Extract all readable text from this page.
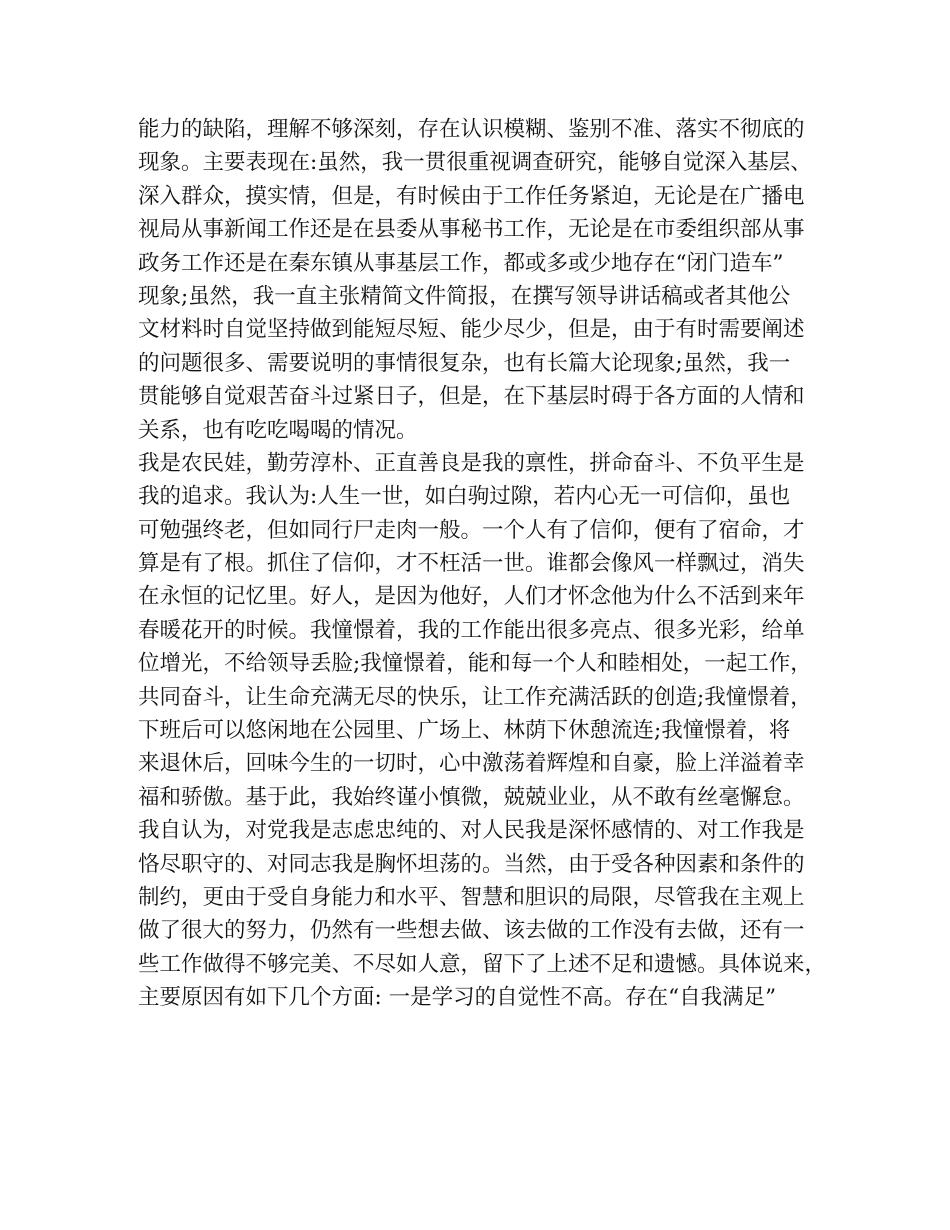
能力的缺陷，理解不够深刻，存在认识模糊、鉴别不准、落实不彻底的
现象。主要表现在:虽然，我一贯很重视调查研究，能够自觉深入基层、
深入群众，摸实情，但是，有时候由于工作任务紧迫，无论是在广播电
视局从事新闻工作还是在县委从事秘书工作，无论是在市委组织部从事
政务工作还是在秦东镇从事基层工作，都或多或少地存在“闭门造车”
现象;虽然，我一直主张精简文件简报，在撰写领导讲话稿或者其他公
文材料时自觉坚持做到能短尽短、能少尽少，但是，由于有时需要阐述
的问题很多、需要说明的事情很复杂，也有长篇大论现象;虽然，我一
贯能够自觉艰苦奋斗过紧日子，但是，在下基层时碍于各方面的人情和
关系，也有吃吃喝喝的情况。
我是农民娃，勤劳淳朴、正直善良是我的禀性，拼命奋斗、不负平生是
我的追求。我认为:人生一世，如白驹过隙，若内心无一可信仰，虽也
可勉强终老，但如同行尸走肉一般。一个人有了信仰，便有了宿命，才
算是有了根。抓住了信仰，才不枉活一世。谁都会像风一样飘过，消失
在永恒的记忆里。好人，是因为他好，人们才怀念他为什么不活到来年
春暖花开的时候。我憧憬着，我的工作能出很多亮点、很多光彩，给单
位增光，不给领导丢脸;我憧憬着，能和每一个人和睦相处，一起工作，
共同奋斗，让生命充满无尽的快乐，让工作充满活跃的创造;我憧憬着，
下班后可以悠闲地在公园里、广场上、林荫下休憩流连;我憧憬着，将
来退休后，回味今生的一切时，心中激荡着辉煌和自豪，脸上洋溢着幸
福和骄傲。基于此，我始终谨小慎微，兢兢业业，从不敢有丝毫懈怠。
我自认为，对党我是志虑忠纯的、对人民我是深怀感情的、对工作我是
恪尽职守的、对同志我是胸怀坦荡的。当然，由于受各种因素和条件的
制约，更由于受自身能力和水平、智慧和胆识的局限，尽管我在主观上
做了很大的努力，仍然有一些想去做、该去做的工作没有去做，还有一
些工作做得不够完美、不尽如人意，留下了上述不足和遗憾。具体说来，
主要原因有如下几个方面: 一是学习的自觉性不高。存在“自我满足”
